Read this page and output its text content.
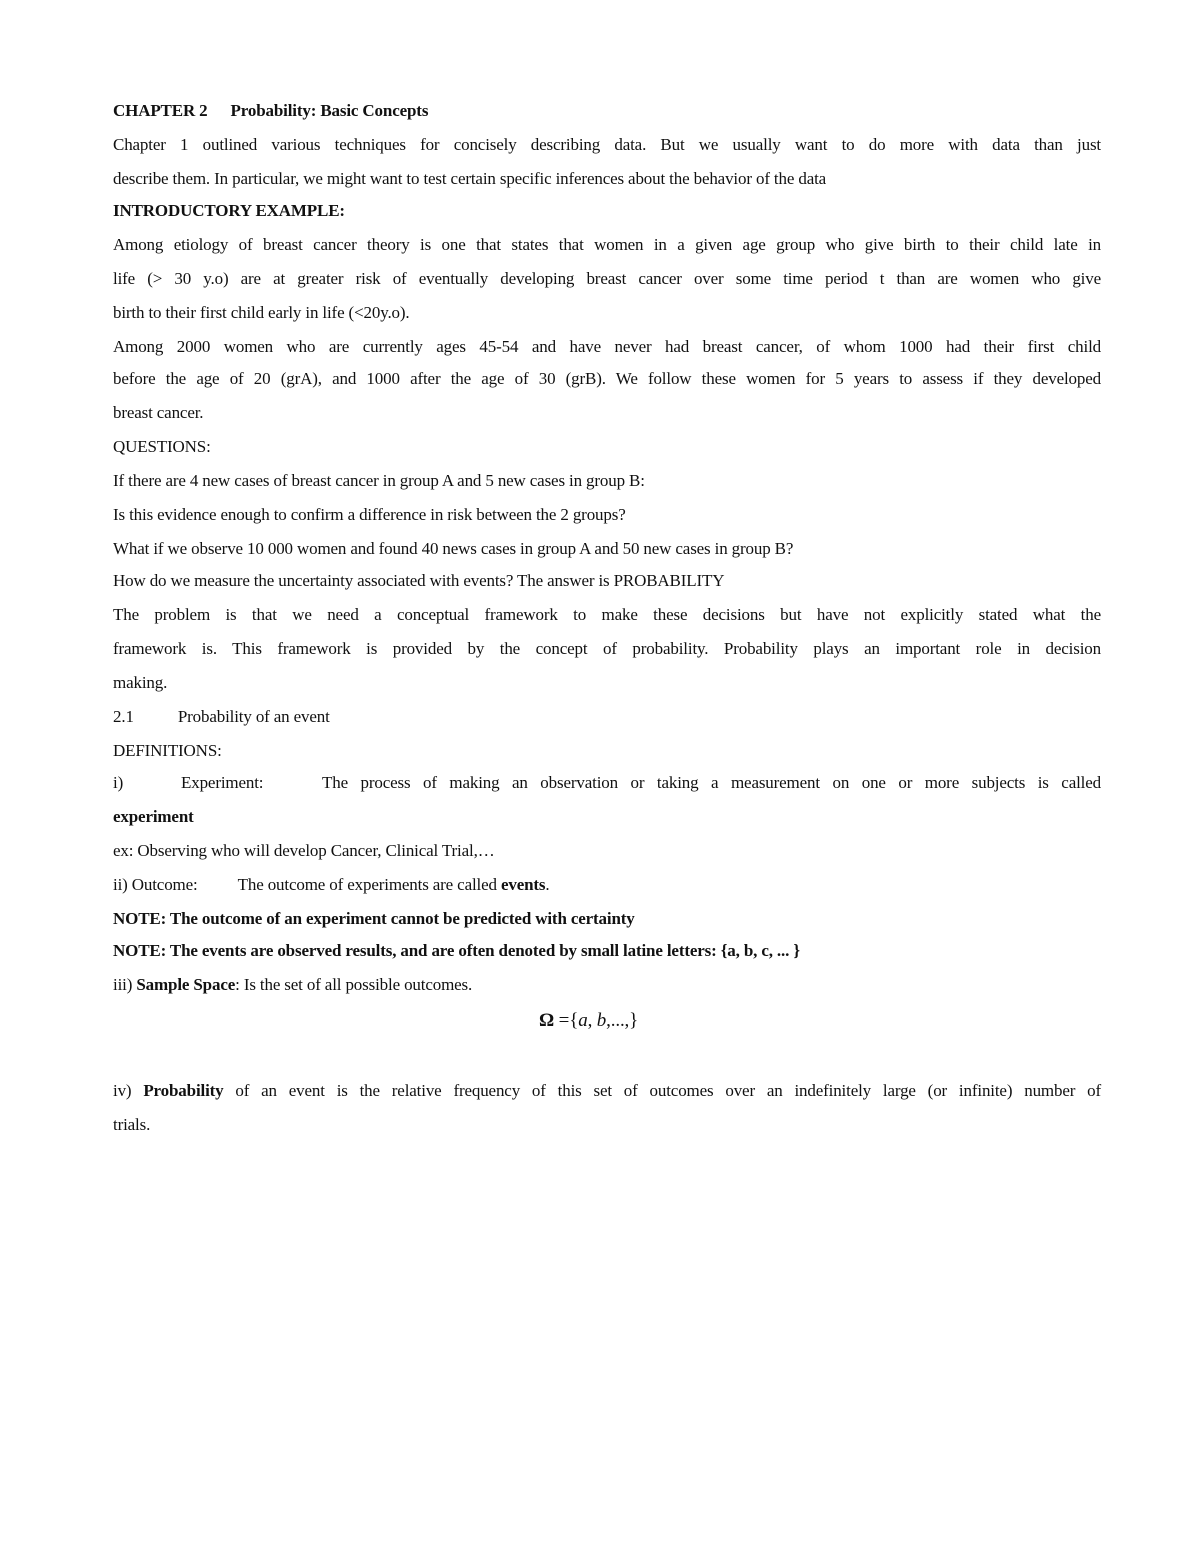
CHAPTER 2 Probability: Basic Concepts
Chapter 1 outlined various techniques for concisely describing data. But we usually want to do more with data than just
describe them. In particular, we might want to test certain specific inferences about the behavior of the data
INTRODUCTORY EXAMPLE:
Among etiology of breast cancer theory is one that states that women in a given age group who give birth to their child late in
life (> 30 y.o) are at greater risk of eventually developing breast cancer over some time period t than are women who give
birth to their first child early in life (<20y.o).
Among 2000 women who are currently ages 45-54 and have never had breast cancer, of whom 1000 had their first child
before the age of 20 (grA), and 1000 after the age of 30 (grB). We follow these women for 5 years to assess if they developed
breast cancer.
QUESTIONS:
If there are 4 new cases of breast cancer in group A and 5 new cases in group B:
Is this evidence enough to confirm a difference in risk between the 2 groups?
What if we observe 10 000 women and found 40 news cases in group A and 50 new cases in group B?
How do we measure the uncertainty associated with events? The answer is PROBABILITY
The problem is that we need a conceptual framework to make these decisions but have not explicitly stated what the
framework is. This framework is provided by the concept of probability. Probability plays an important role in decision
making.
2.1	Probability of an event
DEFINITIONS:
i)	Experiment:	The process of making an observation or taking a measurement on one or more subjects is called
experiment
ex: Observing who will develop Cancer, Clinical Trial,…
ii) Outcome: The outcome of experiments are called events.
NOTE: The outcome of an experiment cannot be predicted with certainty
NOTE: The events are observed results, and are often denoted by small latine letters: {a, b, c, ... }
iii) Sample Space: Is the set of all possible outcomes.
Ω ={a, b,...,}
iv) Probability of an event is the relative frequency of this set of outcomes over an indefinitely large (or infinite) number of
trials.
